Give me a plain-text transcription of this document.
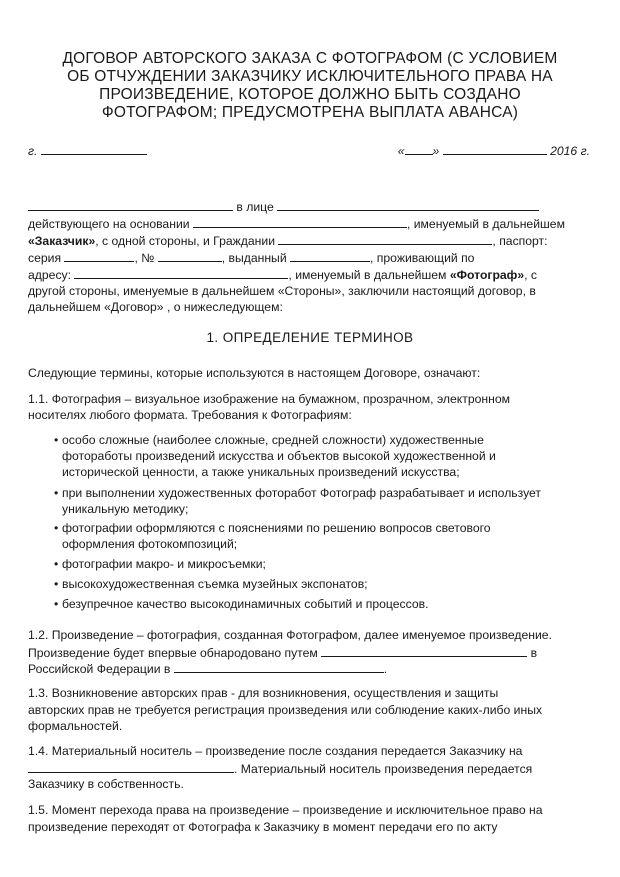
ДОГОВОР АВТОРСКОГО ЗАКАЗА С ФОТОГРАФОМ (С УСЛОВИЕМ
ОБ ОТЧУЖДЕНИИ ЗАКАЗЧИКУ ИСКЛЮЧИТЕЛЬНОГО ПРАВА НА
ПРОИЗВЕДЕНИЕ, КОТОРОЕ ДОЛЖНО БЫТЬ СОЗДАНО
ФОТОГРАФОМ; ПРЕДУСМОТРЕНА ВЫПЛАТА АВАНСА)
г.	« »	2016 г.
в лице
действующего на основании	, именуемый в дальнейшем
«Заказчик», с одной стороны, и Граждании	, паспорт:
серия	, №	, выданный	, проживающий по
адресу:	, именуемый в дальнейшем «Фотограф», с
другой стороны, именуемые в дальнейшем «Стороны», заключили настоящий договор, в
дальнейшем «Договор» , о нижеследующем:
1. ОПРЕДЕЛЕНИЕ ТЕРМИНОВ
Следующие термины, которые используются в настоящем Договоре, означают:
1.1. Фотография – визуальное изображение на бумажном, прозрачном, электронном
носителях любого формата. Требования к Фотографиям:
• особо сложные (наиболее сложные, средней сложности) художественные
фотоработы произведений искусства и объектов высокой художественной и
исторической ценности, а также уникальных произведений искусства;
• при выполнении художественных фоторабот Фотограф разрабатывает и использует
уникальную методику;
• фотографии оформляются с пояснениями по решению вопросов светового
оформления фотокомпозиций;
• фотографии макро- и микросъемки;
• высокохудожественная съемка музейных экспонатов;
• безупречное качество высокодинамичных событий и процессов.
1.2. Произведение – фотография, созданная Фотографом, далее именуемое произведение.
Произведение будет впервые обнародовано путем	в
Российской Федерации в	.
1.3. Возникновение авторских прав - для возникновения, осуществления и защиты
авторских прав не требуется регистрация произведения или соблюдение каких-либо иных
формальностей.
1.4. Материальный носитель – произведение после создания передается Заказчику на
. Материальный носитель произведения передается
Заказчику в собственность.
1.5. Момент перехода права на произведение – произведение и исключительное право на
произведение переходят от Фотографа к Заказчику в момент передачи его по акту
